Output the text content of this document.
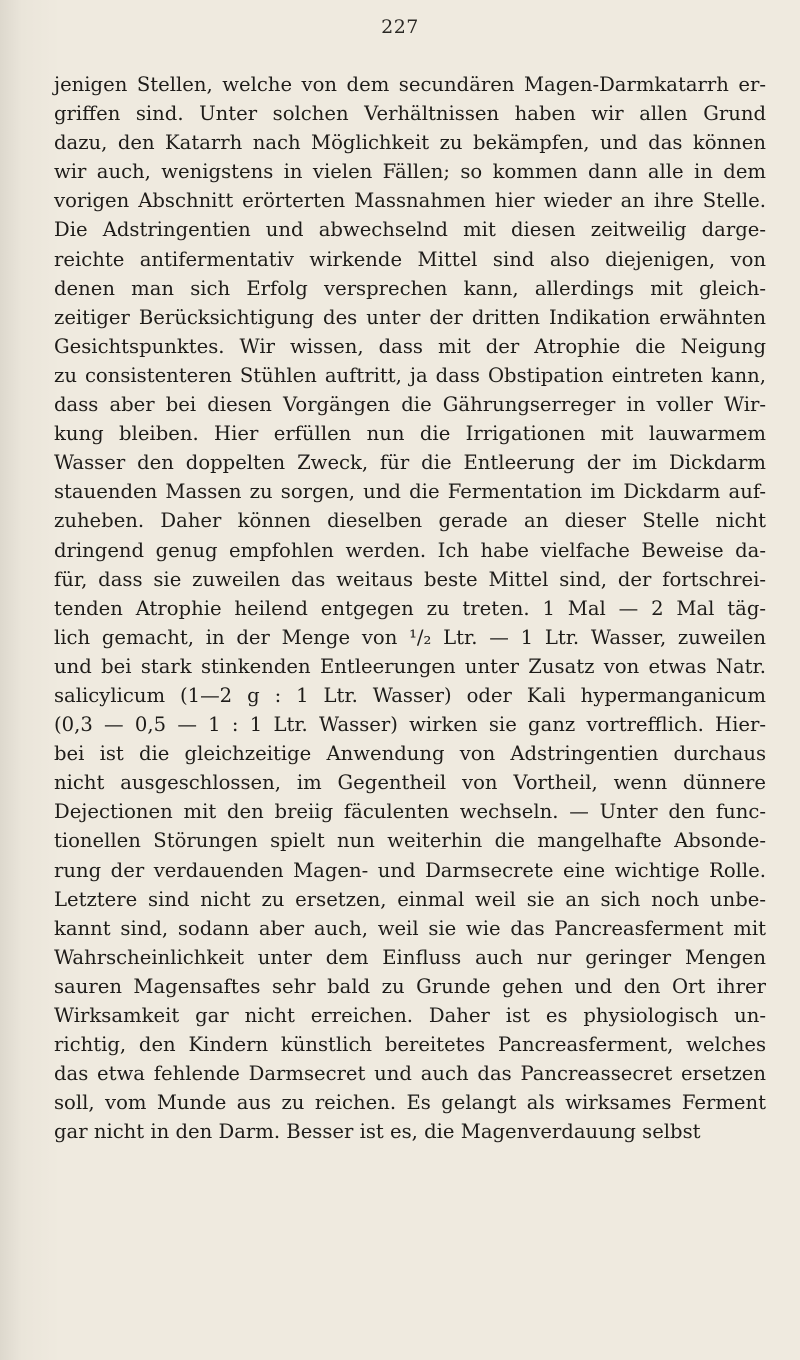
227
jenigen Stellen, welche von dem secundären Magen-Darmkatarrh er-
griffen sind. Unter solchen Verhältnissen haben wir allen Grund
dazu, den Katarrh nach Möglichkeit zu bekämpfen, und das können
wir auch, wenigstens in vielen Fällen; so kommen dann alle in dem
vorigen Abschnitt erörterten Massnahmen hier wieder an ihre Stelle.
Die Adstringentien und abwechselnd mit diesen zeitweilig darge-
reichte antifermentativ wirkende Mittel sind also diejenigen, von
denen man sich Erfolg versprechen kann, allerdings mit gleich-
zeitiger Berücksichtigung des unter der dritten Indikation erwähnten
Gesichtspunktes. Wir wissen, dass mit der Atrophie die Neigung
zu consistenteren Stühlen auftritt, ja dass Obstipation eintreten kann,
dass aber bei diesen Vorgängen die Gährungserreger in voller Wir-
kung bleiben. Hier erfüllen nun die Irrigationen mit lauwarmem
Wasser den doppelten Zweck, für die Entleerung der im Dickdarm
stauenden Massen zu sorgen, und die Fermentation im Dickdarm auf-
zuheben. Daher können dieselben gerade an dieser Stelle nicht
dringend genug empfohlen werden. Ich habe vielfache Beweise da-
für, dass sie zuweilen das weitaus beste Mittel sind, der fortschrei-
tenden Atrophie heilend entgegen zu treten. 1 Mal — 2 Mal täg-
lich gemacht, in der Menge von ¹/₂ Ltr. — 1 Ltr. Wasser, zuweilen
und bei stark stinkenden Entleerungen unter Zusatz von etwas Natr.
salicylicum (1—2 g : 1 Ltr. Wasser) oder Kali hypermanganicum
(0,3 — 0,5 — 1 : 1 Ltr. Wasser) wirken sie ganz vortrefflich. Hier-
bei ist die gleichzeitige Anwendung von Adstringentien durchaus
nicht ausgeschlossen, im Gegentheil von Vortheil, wenn dünnere
Dejectionen mit den breiig fäculenten wechseln. — Unter den func-
tionellen Störungen spielt nun weiterhin die mangelhafte Absonde-
rung der verdauenden Magen- und Darmsecrete eine wichtige Rolle.
Letztere sind nicht zu ersetzen, einmal weil sie an sich noch unbe-
kannt sind, sodann aber auch, weil sie wie das Pancreasferment mit
Wahrscheinlichkeit unter dem Einfluss auch nur geringer Mengen
sauren Magensaftes sehr bald zu Grunde gehen und den Ort ihrer
Wirksamkeit gar nicht erreichen. Daher ist es physiologisch un-
richtig, den Kindern künstlich bereitetes Pancreasferment, welches
das etwa fehlende Darmsecret und auch das Pancreassecret ersetzen
soll, vom Munde aus zu reichen. Es gelangt als wirksames Ferment
gar nicht in den Darm. Besser ist es, die Magenverdauung selbst
